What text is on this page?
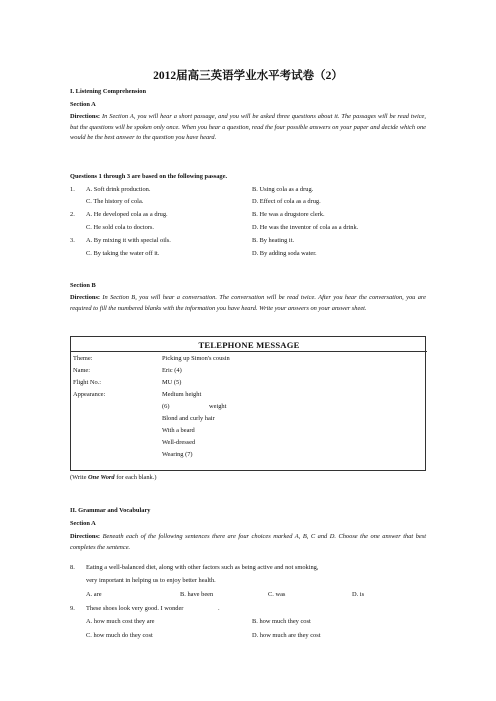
2012届高三英语学业水平考试卷（2）
I. Listening Comprehension
Section A
Directions: In Section A, you will hear a short passage, and you will be asked three questions about it. The passages will be read twice, but the questions will be spoken only once. When you hear a question, read the four possible answers on your paper and decide which one would be the best answer to the question you have heard.
Questions 1 through 3 are based on the following passage.
1. A. Soft drink production.	B. Using cola as a drug.
C. The history of cola.	D. Effect of cola as a drug.
2. A. He developed cola as a drug.	B. He was a drugstore clerk.
C. He sold cola to doctors.	D. He was the inventor of cola as a drink.
3. A. By mixing it with special oils.	B. By heating it.
C. By taking the water off it.	D. By adding soda water.
Section B
Directions: In Section B, you will hear a conversation. The conversation will be read twice. After you hear the conversation, you are required to fill the numbered blanks with the information you have heard. Write your answers on your answer sheet.
TELEPHONE MESSAGE
Theme:	Picking up Simon's cousin
Name:	Eric (4)
Flight No.:	MU (5)
Appearance:	Medium height
(6)	weight
Blond and curly hair
With a beard
Well-dressed
Wearing (7)
(Write One Word for each blank.)
II. Grammar and Vocabulary
Section A
Directions: Beneath each of the following sentences there are four choices marked A, B, C and D. Choose the one answer that best completes the sentence.
8. Eating a well-balanced diet, along with other factors such as being active and not smoking,
very important in helping us to enjoy better health.
A. are	B. have been	C. was	D. is
9. These shoes look very good. I wonder	.
A. how much cost they are	B. how much they cost
C. how much do they cost	D. how much are they cost
